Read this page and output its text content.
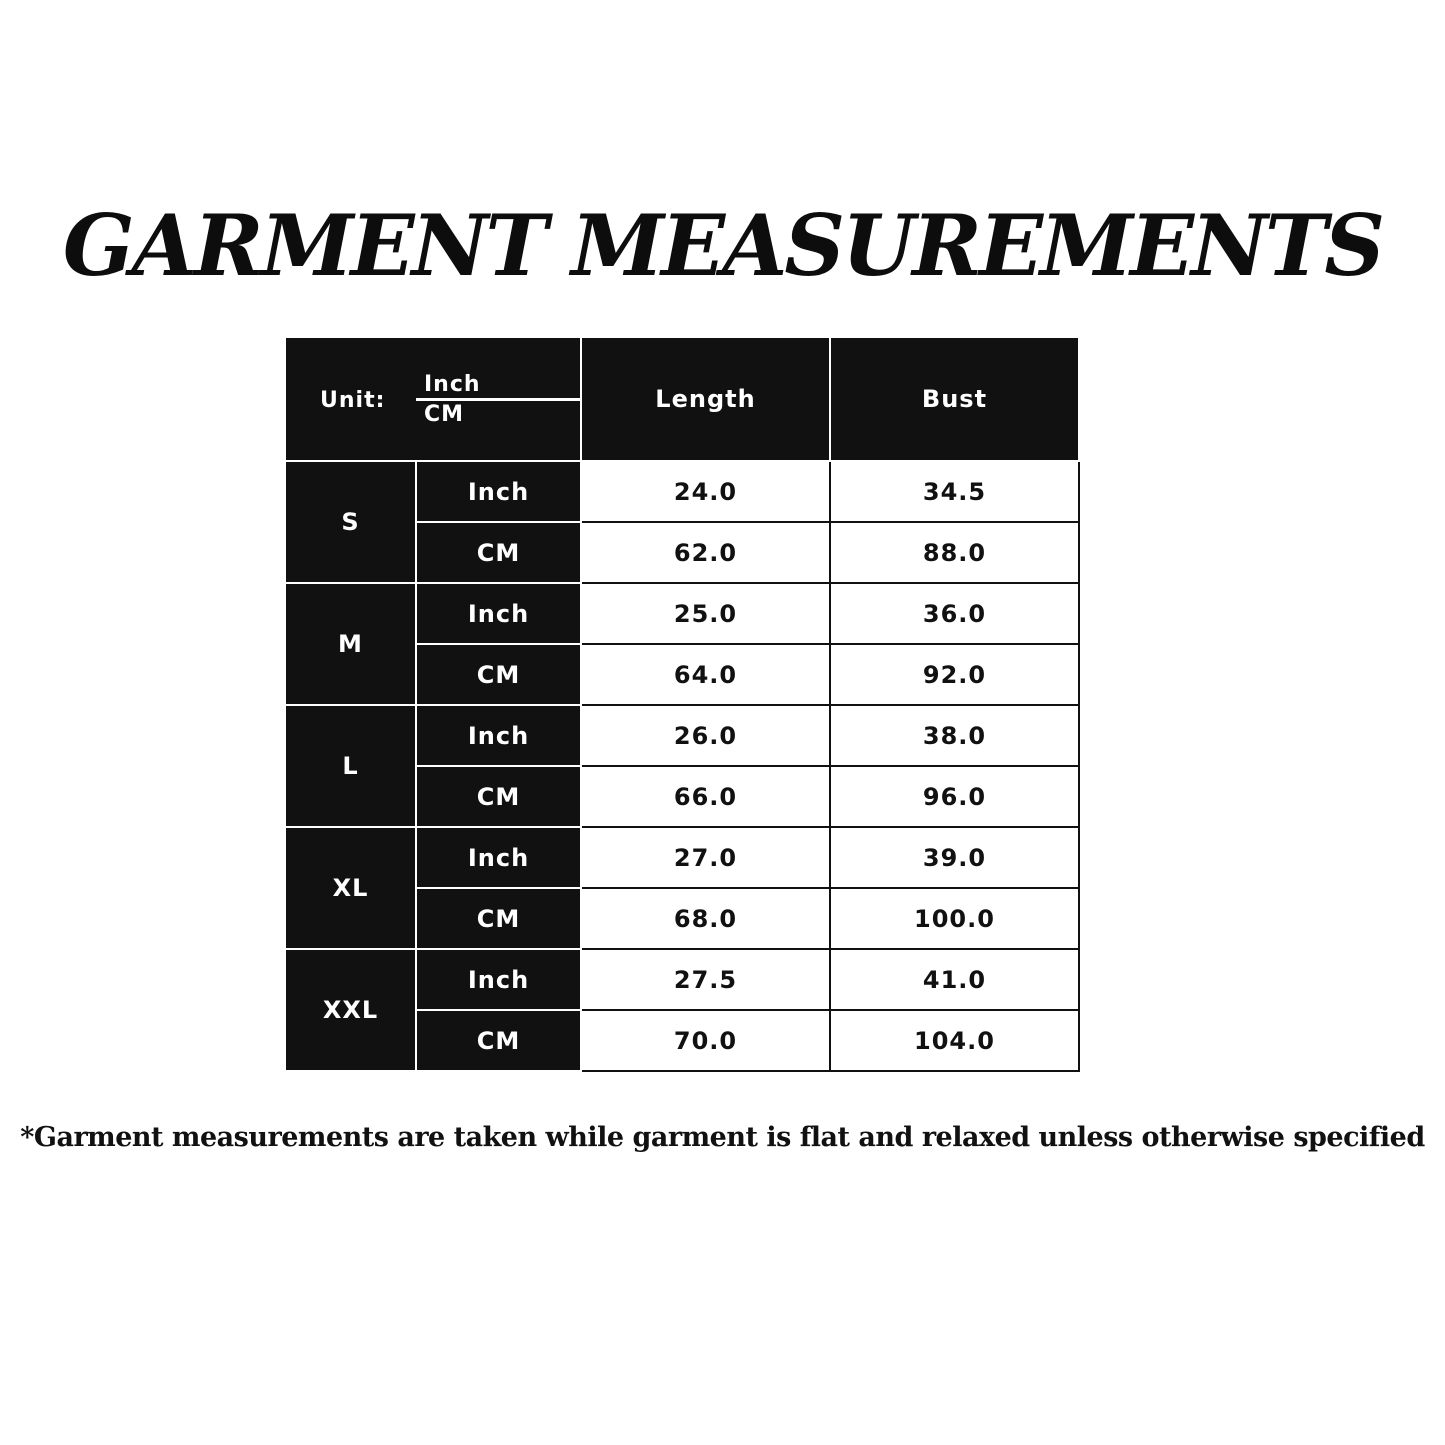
GARMENT MEASUREMENTS
Unit:
Inch
CM		Length	Bust
S	Inch	24.0	34.5
	CM	62.0	88.0
M	Inch	25.0	36.0
	CM	64.0	92.0
L	Inch	26.0	38.0
	CM	66.0	96.0
XL	Inch	27.0	39.0
	CM	68.0	100.0
XXL	Inch	27.5	41.0
	CM	70.0	104.0
*Garment measurements are taken while garment is flat and relaxed unless otherwise specified
